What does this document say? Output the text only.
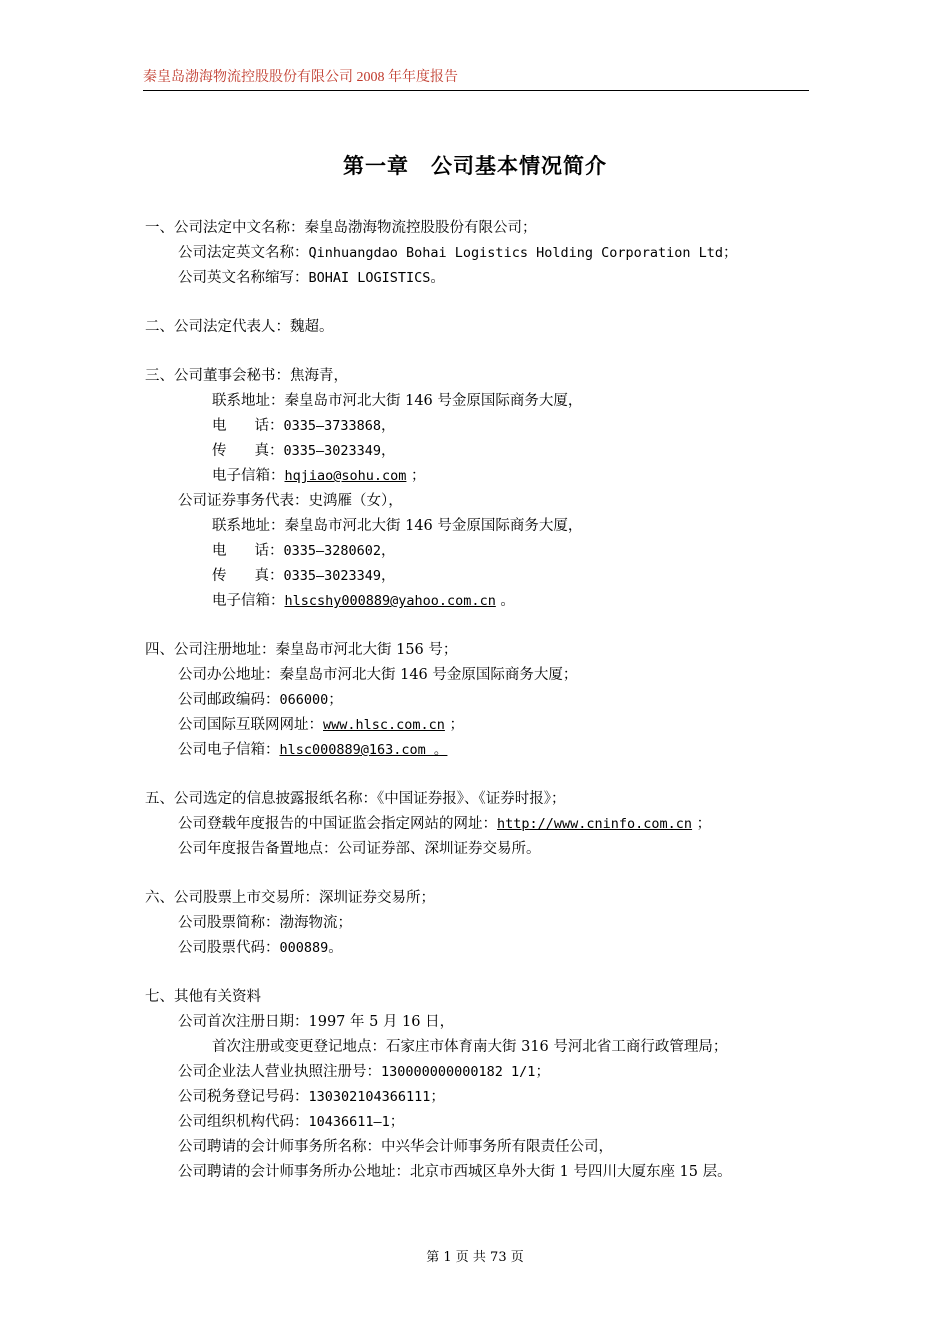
秦皇岛渤海物流控股股份有限公司 2008 年年度报告
第一章 公司基本情况简介
一、公司法定中文名称：秦皇岛渤海物流控股股份有限公司；
公司法定英文名称：Qinhuangdao Bohai Logistics Holding Corporation Ltd；
公司英文名称缩写：BOHAI LOGISTICS。
二、公司法定代表人：魏超。
三、公司董事会秘书：焦海青，
联系地址：秦皇岛市河北大街 146 号金原国际商务大厦，
电 话：0335—3733868，
传 真：0335—3023349，
电子信箱：hqjiao@sohu.com ；
公司证券事务代表：史鸿雁（女），
联系地址：秦皇岛市河北大街 146 号金原国际商务大厦，
电 话：0335—3280602，
传 真：0335—3023349，
电子信箱：hlscshy000889@yahoo.com.cn 。
四、公司注册地址：秦皇岛市河北大街 156 号；
公司办公地址：秦皇岛市河北大街 146 号金原国际商务大厦；
公司邮政编码：066000；
公司国际互联网网址：www.hlsc.com.cn ；
公司电子信箱：hlsc000889@163.com 。
五、公司选定的信息披露报纸名称：《中国证券报》、《证券时报》；
公司登载年度报告的中国证监会指定网站的网址：http://www.cninfo.com.cn ；
公司年度报告备置地点：公司证券部、深圳证券交易所。
六、公司股票上市交易所：深圳证券交易所；
公司股票简称：渤海物流；
公司股票代码：000889。
七、其他有关资料
公司首次注册日期：1997 年 5 月 16 日，
首次注册或变更登记地点：石家庄市体育南大街 316 号河北省工商行政管理局；
公司企业法人营业执照注册号：130000000000182 1/1；
公司税务登记号码：130302104366111；
公司组织机构代码：10436611—1；
公司聘请的会计师事务所名称：中兴华会计师事务所有限责任公司，
公司聘请的会计师事务所办公地址：北京市西城区阜外大街 1 号四川大厦东座 15 层。
第 1 页 共 73 页
